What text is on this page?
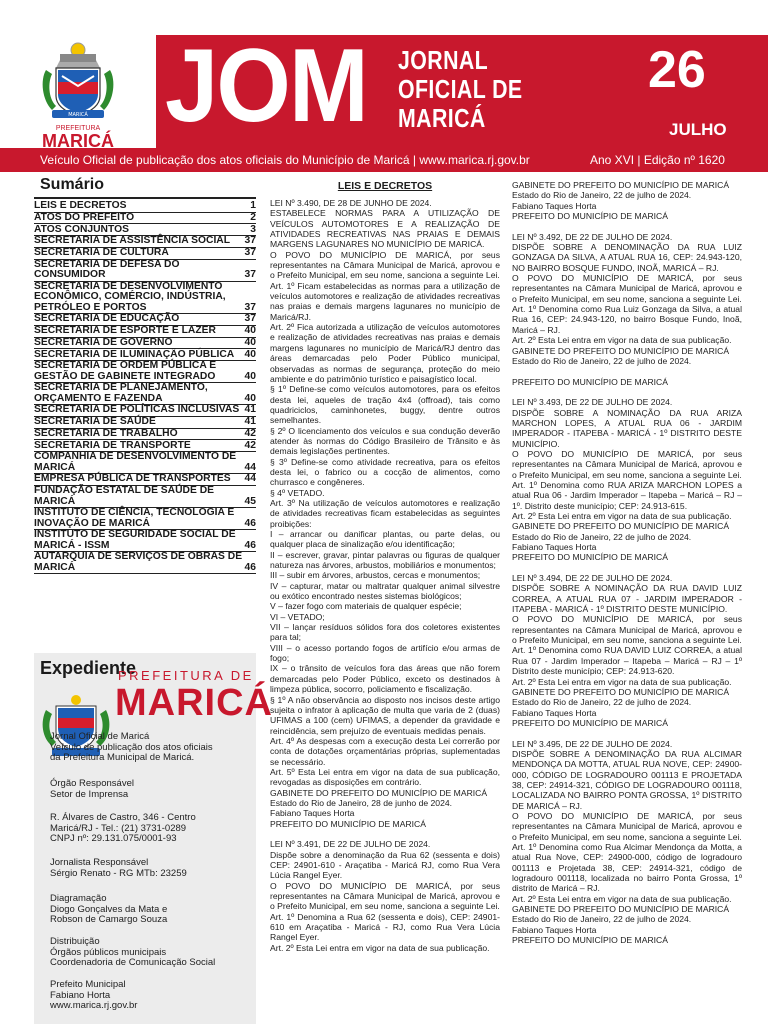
MARICÁ
PREFEITURA
MARICÁ JOM JORNAL
OFICIAL DE
MARICÁ
26
JULHO
Veículo Oficial de publicação dos atos oficiais do Município de Maricá | www.marica.rj.gov.br	Ano XVI | Edição nº 1620
Sumário
LEIS E DECRETOS	1
ATOS DO PREFEITO	2
ATOS CONJUNTOS	3
SECRETARIA DE ASSISTÊNCIA SOCIAL	37
SECRETARIA DE CULTURA	37
SECRETARIA DE DEFESA DO CONSUMIDOR	37
SECRETARIA DE DESENVOLVIMENTO ECONÔMICO, COMÉRCIO, INDÚSTRIA, PETRÓLEO E PORTOS	37
SECRETARIA DE EDUCAÇÃO	37
SECRETARIA DE ESPORTE E LAZER	40
SECRETARIA DE GOVERNO	40
SECRETARIA DE ILUMINAÇÃO PÚBLICA	40
SECRETARIA DE ORDEM PÚBLICA E GESTÃO DE GABINETE INTEGRADO	40
SECRETARIA DE PLANEJAMENTO, ORÇAMENTO E FAZENDA	40
SECRETARIA DE POLÍTICAS INCLUSIVAS 41
SECRETARIA DE SAÚDE	41
SECRETARIA DE TRABALHO	42
SECRETARIA DE TRANSPORTE	42
COMPANHIA DE DESENVOLVIMENTO DE MARICÁ	44
EMPRESA PÚBLICA DE TRANSPORTES	44
FUNDAÇÃO ESTATAL DE SAÚDE DE MARICÁ	45
INSTITUTO DE CIÊNCIA, TECNOLOGIA E INOVAÇÃO DE MARICÁ	46
INSTITUTO DE SEGURIDADE SOCIAL DE MARICÁ - ISSM	46
AUTARQUIA DE SERVIÇOS DE OBRAS DE MARICÁ	46
Expediente
PREFEITURA DE
MARICÁ
Jornal Oficial de Maricá
Veículo de publicação dos atos oficiais
da Prefeitura Municipal de Maricá.
Órgão Responsável
Setor de Imprensa
R. Álvares de Castro, 346 - Centro
Maricá/RJ - Tel.: (21) 3731-0289
CNPJ nº: 29.131.075/0001-93
Jornalista Responsável
Sérgio Renato - RG MTb: 23259
Diagramação
Diogo Gonçalves da Mata e
Robson de Camargo Souza
Distribuição
Órgãos públicos municipais
Coordenadoria de Comunicação Social
Prefeito Municipal
Fabiano Horta
www.marica.rj.gov.br
LEIS E DECRETOS

LEI Nº 3.490, DE 28 DE JUNHO DE 2024.

ESTABELECE NORMAS PARA A UTILIZAÇÃO DE VEÍCULOS AUTOMOTORES E A REALIZAÇÃO DE ATIVIDADES RECREATIVAS NAS PRAIAS E DEMAIS MARGENS LAGUNARES NO MUNICÍPIO DE MARICÁ.

O POVO DO MUNICÍPIO DE MARICÁ, por seus representantes na Câmara Municipal de Maricá, aprovou e o Prefeito Municipal, em seu nome, sanciona a seguinte Lei.

Art. 1º Ficam estabelecidas as normas para a utilização de veículos automotores e realização de atividades recreativas nas praias e demais margens lagunares no município de Maricá/RJ.

Art. 2º Fica autorizada a utilização de veículos automotores e realização de atividades recreativas nas praias e demais margens lagunares no município de Maricá/RJ dentro das áreas demarcadas pelo Poder Público municipal, observadas as normas de segurança, proteção do meio ambiente e do patrimônio turístico e paisagístico local.

§ 1º Define-se como veículos automotores, para os efeitos desta lei, aqueles de tração 4x4 (offroad), tais como quadriciclos, caminhonetes, buggy, dentre outros semelhantes.

§ 2º O licenciamento dos veículos e sua condução deverão atender às normas do Código Brasileiro de Trânsito e às demais legislações pertinentes.

§ 3º Define-se como atividade recreativa, para os efeitos desta lei, o fabrico ou a cocção de alimentos, como churrasco e congêneres.

§ 4º VETADO.

Art. 3º Na utilização de veículos automotores e realização de atividades recreativas ficam estabelecidas as seguintes proibições:

I – arrancar ou danificar plantas, ou parte delas, ou qualquer placa de sinalização e/ou identificação;

II – escrever, gravar, pintar palavras ou figuras de qualquer natureza nas árvores, arbustos, mobiliários e monumentos;

III – subir em árvores, arbustos, cercas e monumentos;

IV – capturar, matar ou maltratar qualquer animal silvestre ou exótico encontrado nestes sistemas biológicos;

V – fazer fogo com materiais de qualquer espécie;

VI – VETADO;

VII – lançar resíduos sólidos fora dos coletores existentes para tal;

VIII – o acesso portando fogos de artifício e/ou armas de fogo;

IX – o trânsito de veículos fora das áreas que não forem demarcadas pelo Poder Público, exceto os destinados à limpeza pública, socorro, policiamento e fiscalização.

§ 1º A não observância ao disposto nos incisos deste artigo sujeita o infrator à aplicação de multa que varia de 2 (duas) UFIMAS a 100 (cem) UFIMAS, a depender da gravidade e reincidência, sem prejuízo de eventuais medidas penais.

Art. 4º As despesas com a execução desta Lei correrão por conta de dotações orçamentárias próprias, suplementadas se necessário.

Art. 5º Esta Lei entra em vigor na data de sua publicação, revogadas as disposições em contrário.

GABINETE DO PREFEITO DO MUNICÍPIO DE MARICÁ

Estado do Rio de Janeiro, 28 de junho de 2024.

Fabiano Taques Horta

PREFEITO DO MUNICÍPIO DE MARICÁ

LEI Nº 3.491, DE 22 DE JULHO DE 2024.

Dispõe sobre a denominação da Rua 62 (sessenta e dois) CEP: 24901-610 - Araçatiba - Maricá RJ, como Rua Vera Lúcia Rangel Eyer.

O POVO DO MUNICÍPIO DE MARICÁ, por seus representantes na Câmara Municipal de Maricá, aprovou e o Prefeito Municipal, em seu nome, sanciona a seguinte Lei.

Art. 1º Denomina a Rua 62 (sessenta e dois), CEP: 24901-610 em Araçatiba - Maricá - RJ, como Rua Vera Lúcia Rangel Eyer.

Art. 2º Esta Lei entra em vigor na data de sua publicação.

GABINETE DO PREFEITO DO MUNICÍPIO DE MARICÁ

Estado do Rio de Janeiro, 22 de julho de 2024.

Fabiano Taques Horta

PREFEITO DO MUNICÍPIO DE MARICÁ

LEI Nº 3.492, DE 22 DE JULHO DE 2024.

DISPÕE SOBRE A DENOMINAÇÃO DA RUA LUIZ GONZAGA DA SILVA, A ATUAL RUA 16, CEP: 24.943-120, NO BAIRRO BOSQUE FUNDO, INOÃ, MARICÁ – RJ.

O POVO DO MUNICÍPIO DE MARICÁ, por seus representantes na Câmara Municipal de Maricá, aprovou e o Prefeito Municipal, em seu nome, sanciona a seguinte Lei.

Art. 1º Denomina como Rua Luiz Gonzaga da Silva, a atual Rua 16, CEP: 24.943-120, no bairro Bosque Fundo, Inoã, Maricá – RJ.

Art. 2º Esta Lei entra em vigor na data de sua publicação.

GABINETE DO PREFEITO DO MUNICÍPIO DE MARICÁ

Estado do Rio de Janeiro, 22 de julho de 2024.

PREFEITO DO MUNICÍPIO DE MARICÁ

LEI Nº 3.493, DE 22 DE JULHO DE 2024.

DISPÕE SOBRE A NOMINAÇÃO DA RUA ARIZA MARCHON LOPES, A ATUAL RUA 06 - JARDIM IMPERADOR - ITAPEBA - MARICÁ - 1º DISTRITO DESTE MUNICÍPIO.

O POVO DO MUNICÍPIO DE MARICÁ, por seus representantes na Câmara Municipal de Maricá, aprovou e o Prefeito Municipal, em seu nome, sanciona a seguinte Lei.

Art. 1º Denomina como RUA ARIZA MARCHON LOPES a atual Rua 06 - Jardim Imperador – Itapeba – Maricá – RJ – 1º. Distrito deste município; CEP: 24.913-615.

Art. 2º Esta Lei entra em vigor na data de sua publicação.

GABINETE DO PREFEITO DO MUNICÍPIO DE MARICÁ

Estado do Rio de Janeiro, 22 de julho de 2024.

Fabiano Taques Horta

PREFEITO DO MUNICÍPIO DE MARICÁ

LEI Nº 3.494, DE 22 DE JULHO DE 2024.

DISPÕE SOBRE A NOMINAÇÃO DA RUA DAVID LUIZ CORREA, A ATUAL RUA 07 - JARDIM IMPERADOR - ITAPEBA - MARICÁ - 1º DISTRITO DESTE MUNICÍPIO.

O POVO DO MUNICÍPIO DE MARICÁ, por seus representantes na Câmara Municipal de Maricá, aprovou e o Prefeito Municipal, em seu nome, sanciona a seguinte Lei.

Art. 1º Denomina como RUA DAVID LUIZ CORREA, a atual Rua 07 - Jardim Imperador – Itapeba – Maricá – RJ – 1º Distrito deste município; CEP: 24.913-620.

Art. 2º Esta Lei entra em vigor na data de sua publicação.

GABINETE DO PREFEITO DO MUNICÍPIO DE MARICÁ

Estado do Rio de Janeiro, 22 de julho de 2024.

Fabiano Taques Horta

PREFEITO DO MUNICÍPIO DE MARICÁ

LEI Nº 3.495, DE 22 DE JULHO DE 2024.

DISPÕE SOBRE A DENOMINAÇÃO DA RUA ALCIMAR MENDONÇA DA MOTTA, ATUAL RUA NOVE, CEP: 24900-000, CÓDIGO DE LOGRADOURO 001113 E PROJETADA 38, CEP: 24914-321, CÓDIGO DE LOGRADOURO 001118, LOCALIZADA NO BAIRRO PONTA GROSSA, 1º DISTRITO DE MARICÁ – RJ.

O POVO DO MUNICÍPIO DE MARICÁ, por seus representantes na Câmara Municipal de Maricá, aprovou e o Prefeito Municipal, em seu nome, sanciona a seguinte Lei.

Art. 1º Denomina como Rua Alcimar Mendonça da Motta, a atual Rua Nove, CEP: 24900-000, código de logradouro 001113 e Projetada 38, CEP: 24914-321, código de logradouro 001118, localizada no bairro Ponta Grossa, 1º distrito de Maricá – RJ.

Art. 2º Esta Lei entra em vigor na data de sua publicação.

GABINETE DO PREFEITO DO MUNICÍPIO DE MARICÁ

Estado do Rio de Janeiro, 22 de julho de 2024.

Fabiano Taques Horta

PREFEITO DO MUNICÍPIO DE MARICÁ
